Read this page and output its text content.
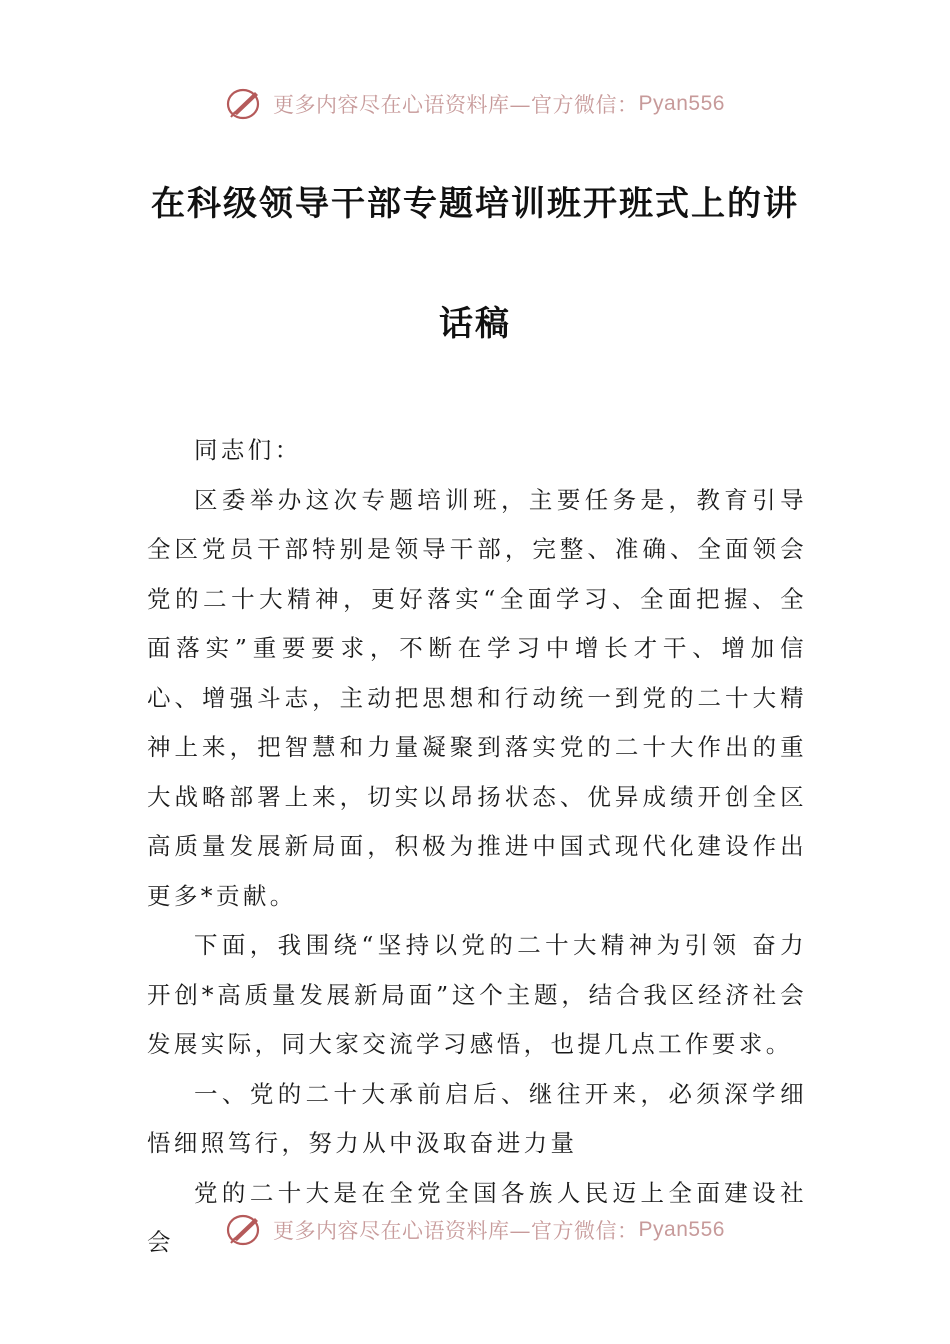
更多内容尽在心语资料库—官方微信： Pyan556
在科级领导干部专题培训班开班式上的讲
话稿

同志们：

区委举办这次专题培训班，主要任务是，教育引导全区党员干部特别是领导干部，完整、准确、全面领会党的二十大精神，更好落实“全面学习、全面把握、全面落实”重要要求，不断在学习中增长才干、增加信心、增强斗志，主动把思想和行动统一到党的二十大精神上来，把智慧和力量凝聚到落实党的二十大作出的重大战略部署上来，切实以昂扬状态、优异成绩开创全区高质量发展新局面，积极为推进中国式现代化建设作出更多*贡献。

下面，我围绕“坚持以党的二十大精神为引领 奋力开创*高质量发展新局面”这个主题，结合我区经济社会发展实际，同大家交流学习感悟，也提几点工作要求。

一、党的二十大承前启后、继往开来，必须深学细悟细照笃行，努力从中汲取奋进力量

党的二十大是在全党全国各族人民迈上全面建设社会	更多内容尽在心语资料库—官方微信： Pyan556
